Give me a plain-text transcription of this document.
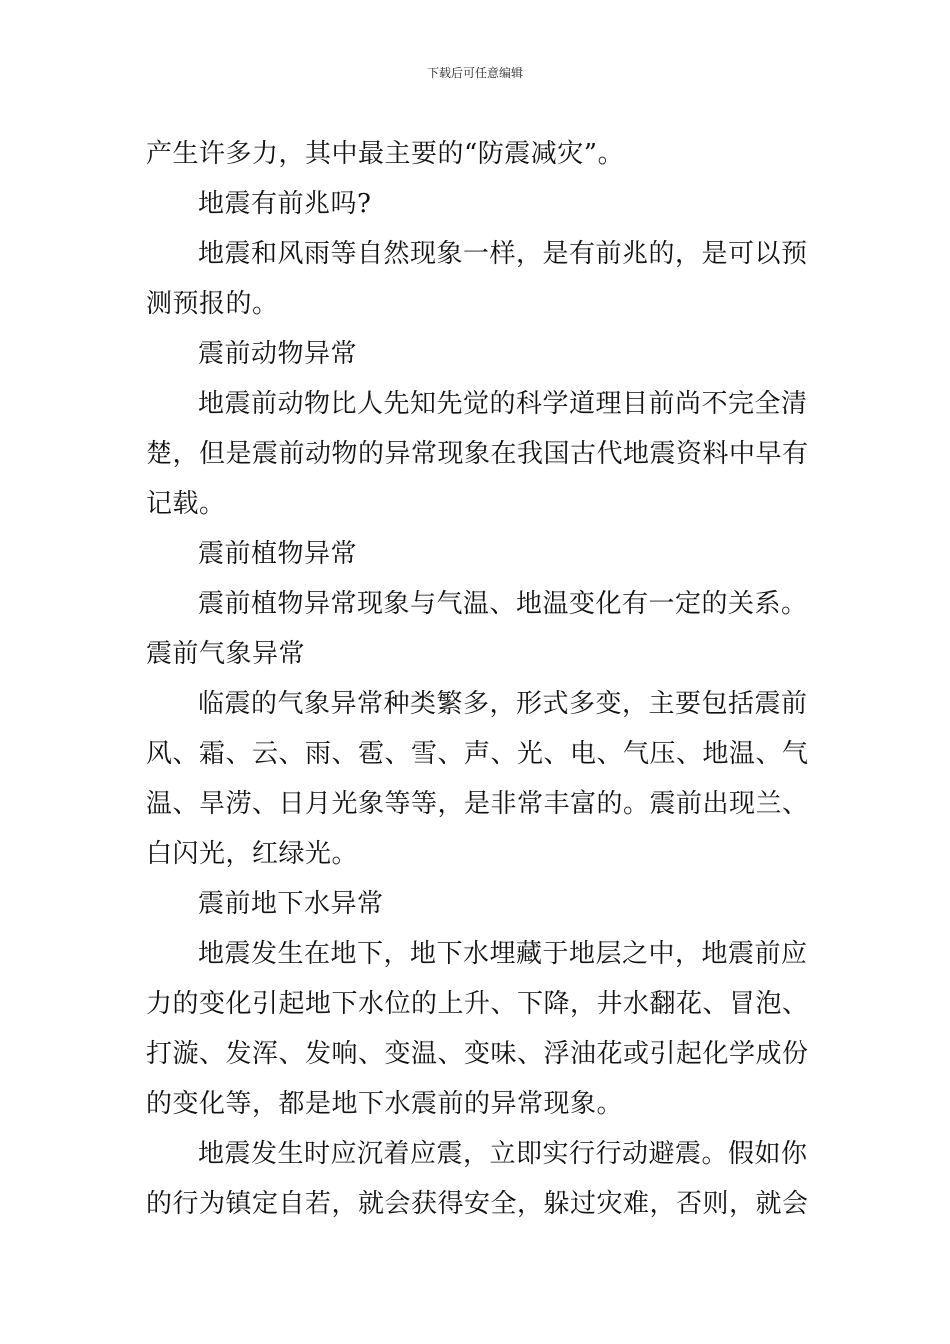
下载后可任意编辑
产生许多力，其中最主要的“防震减灾”。
地震有前兆吗?
地震和风雨等自然现象一样，是有前兆的，是可以预
测预报的。
震前动物异常
地震前动物比人先知先觉的科学道理目前尚不完全清
楚，但是震前动物的异常现象在我国古代地震资料中早有
记载。
震前植物异常
震前植物异常现象与气温、地温变化有一定的关系。
震前气象异常
临震的气象异常种类繁多，形式多变，主要包括震前
风、霜、云、雨、雹、雪、声、光、电、气压、地温、气
温、旱涝、日月光象等等，是非常丰富的。震前出现兰、
白闪光，红绿光。
震前地下水异常
地震发生在地下，地下水埋藏于地层之中，地震前应
力的变化引起地下水位的上升、下降，井水翻花、冒泡、
打漩、发浑、发响、变温、变味、浮油花或引起化学成份
的变化等，都是地下水震前的异常现象。
地震发生时应沉着应震，立即实行行动避震。假如你
的行为镇定自若，就会获得安全，躲过灾难，否则，就会
